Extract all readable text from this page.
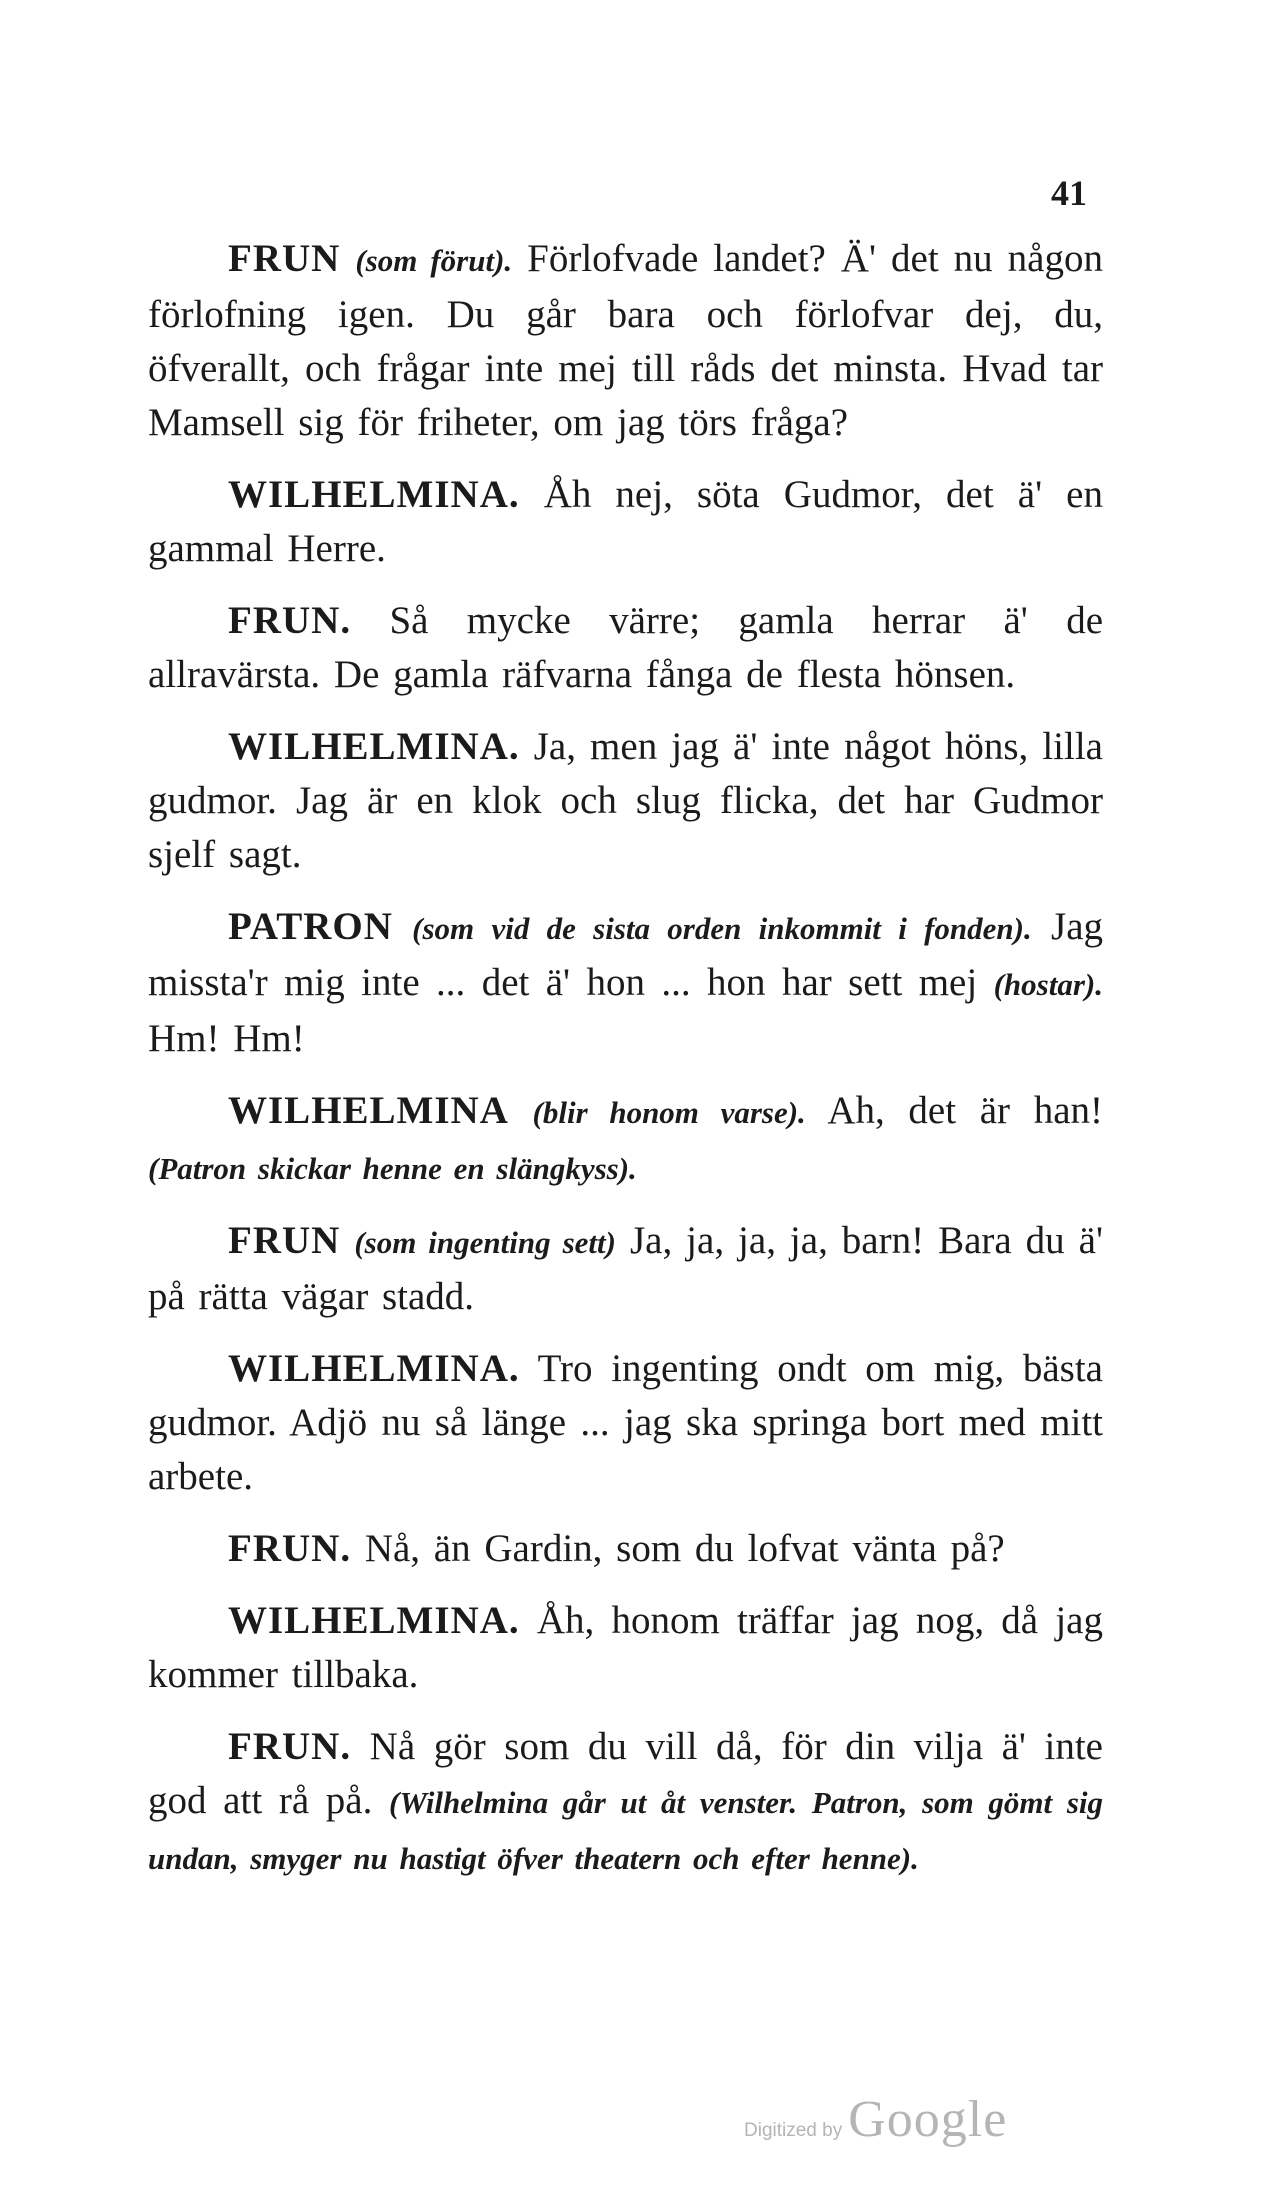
41

FRUN (som förut). Förlofvade landet? Ä' det nu någon förlofning igen. Du går bara och förlofvar dej, du, öfverallt, och frågar inte mej till råds det minsta. Hvad tar Mamsell sig för friheter, om jag törs fråga?

WILHELMINA. Åh nej, söta Gudmor, det ä' en gammal Herre.

FRUN. Så mycke värre; gamla herrar ä' de allravärsta. De gamla räfvarna fånga de flesta hönsen.

WILHELMINA. Ja, men jag ä' inte något höns, lilla gudmor. Jag är en klok och slug flicka, det har Gudmor sjelf sagt.

PATRON (som vid de sista orden inkommit i fonden). Jag missta'r mig inte ... det ä' hon ... hon har sett mej (hostar). Hm! Hm!

WILHELMINA (blir honom varse). Ah, det är han! (Patron skickar henne en slängkyss).

FRUN (som ingenting sett) Ja, ja, ja, ja, barn! Bara du ä' på rätta vägar stadd.

WILHELMINA. Tro ingenting ondt om mig, bästa gudmor. Adjö nu så länge ... jag ska springa bort med mitt arbete.

FRUN. Nå, än Gardin, som du lofvat vänta på?

WILHELMINA. Åh, honom träffar jag nog, då jag kommer tillbaka.

FRUN. Nå gör som du vill då, för din vilja ä' inte god att rå på. (Wilhelmina går ut åt venster. Patron, som gömt sig undan, smyger nu hastigt öfver theatern och efter henne).

Digitized by Google
